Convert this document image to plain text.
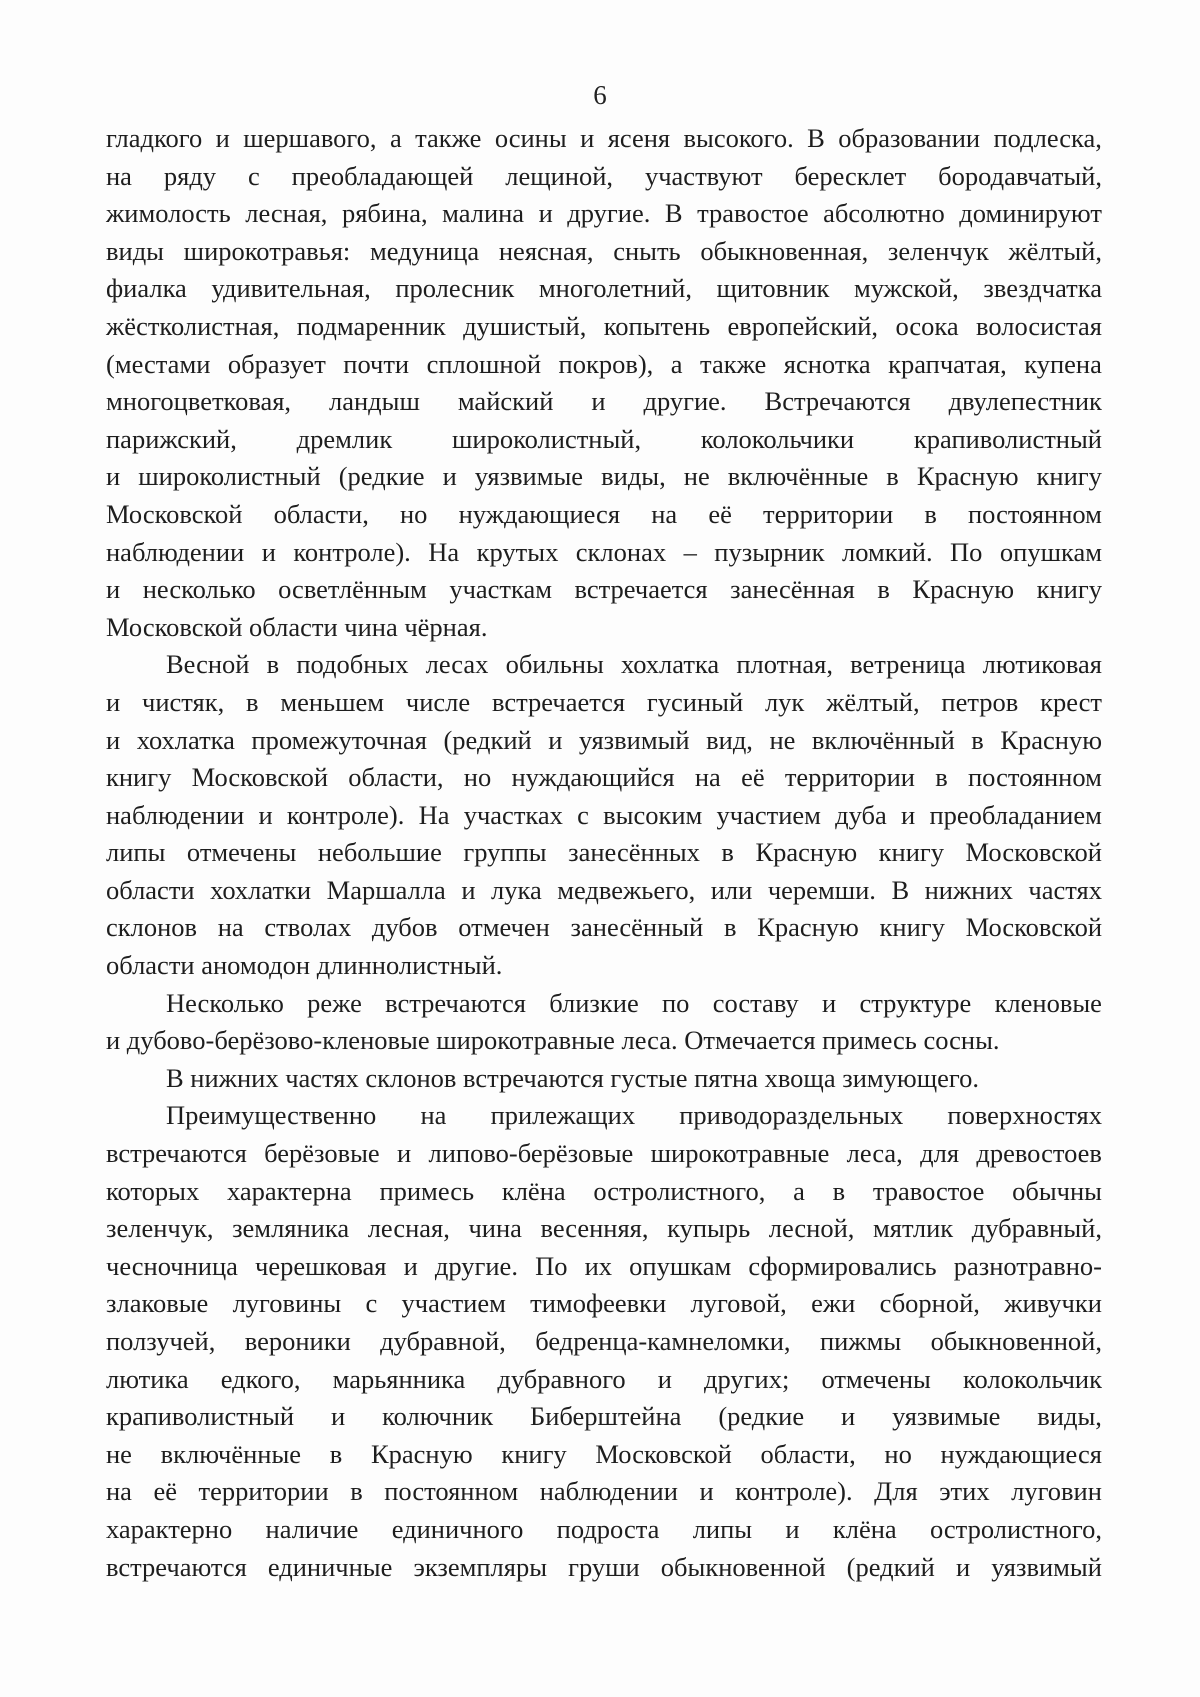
6
гладкого и шершавого, а также осины и ясеня высокого. В образовании подлеска,
на ряду с преобладающей лещиной, участвуют бересклет бородавчатый,
жимолость лесная, рябина, малина и другие. В травостое абсолютно доминируют
виды широкотравья: медуница неясная, сныть обыкновенная, зеленчук жёлтый,
фиалка удивительная, пролесник многолетний, щитовник мужской, звездчатка
жёстколистная, подмаренник душистый, копытень европейский, осока волосистая
(местами образует почти сплошной покров), а также яснотка крапчатая, купена
многоцветковая, ландыш майский и другие. Встречаются двулепестник
парижский, дремлик широколистный, колокольчики крапиволистный
и широколистный (редкие и уязвимые виды, не включённые в Красную книгу
Московской области, но нуждающиеся на её территории в постоянном
наблюдении и контроле). На крутых склонах – пузырник ломкий. По опушкам
и несколько осветлённым участкам встречается занесённая в Красную книгу
Московской области чина чёрная.
Весной в подобных лесах обильны хохлатка плотная, ветреница лютиковая
и чистяк, в меньшем числе встречается гусиный лук жёлтый, петров крест
и хохлатка промежуточная (редкий и уязвимый вид, не включённый в Красную
книгу Московской области, но нуждающийся на её территории в постоянном
наблюдении и контроле). На участках с высоким участием дуба и преобладанием
липы отмечены небольшие группы занесённых в Красную книгу Московской
области хохлатки Маршалла и лука медвежьего, или черемши. В нижних частях
склонов на стволах дубов отмечен занесённый в Красную книгу Московской
области аномодон длиннолистный.
Несколько реже встречаются близкие по составу и структуре кленовые
и дубово-берёзово-кленовые широкотравные леса. Отмечается примесь сосны.
В нижних частях склонов встречаются густые пятна хвоща зимующего.
Преимущественно на прилежащих приводораздельных поверхностях
встречаются берёзовые и липово-берёзовые широкотравные леса, для древостоев
которых характерна примесь клёна остролистного, а в травостое обычны
зеленчук, земляника лесная, чина весенняя, купырь лесной, мятлик дубравный,
чесночница черешковая и другие. По их опушкам сформировались разнотравно-
злаковые луговины с участием тимофеевки луговой, ежи сборной, живучки
ползучей, вероники дубравной, бедренца-камнеломки, пижмы обыкновенной,
лютика едкого, марьянника дубравного и других; отмечены колокольчик
крапиволистный и колючник Биберштейна (редкие и уязвимые виды,
не включённые в Красную книгу Московской области, но нуждающиеся
на её территории в постоянном наблюдении и контроле). Для этих луговин
характерно наличие единичного подроста липы и клёна остролистного,
встречаются единичные экземпляры груши обыкновенной (редкий и уязвимый
